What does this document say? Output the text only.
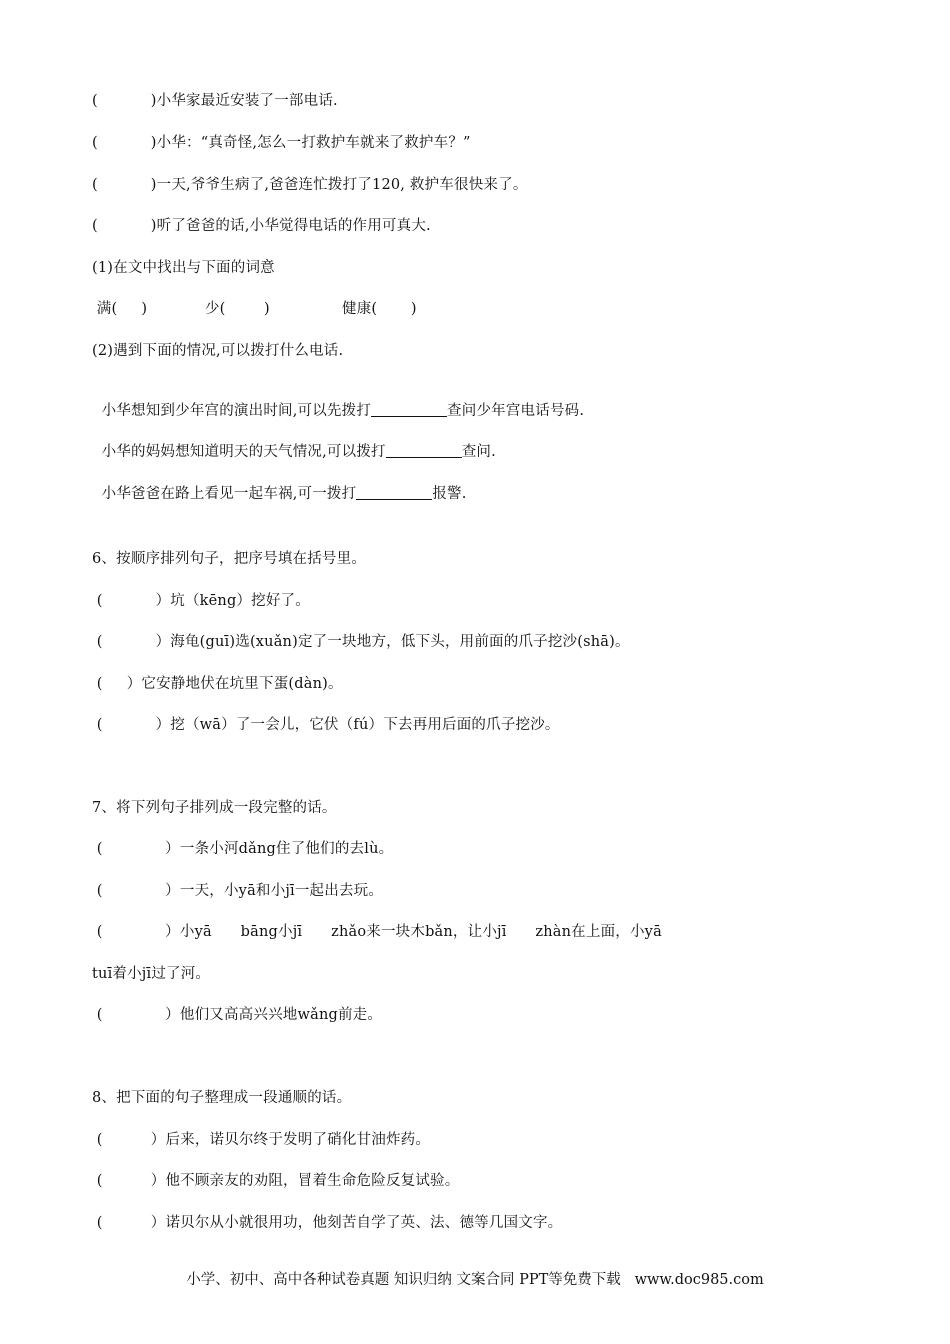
(           )小华家最近安装了一部电话.
(           )小华：“真奇怪,怎么一打救护车就来了救护车？”
(           )一天,爷爷生病了,爸爸连忙拨打了120, 救护车很快来了。
(           )听了爸爸的话,小华觉得电话的作用可真大.
(1)在文中找出与下面的词意
满(     )            少(        )               健康(       )
(2)遇到下面的情况,可以拨打什么电话.

小华想知到少年宫的演出时间,可以先拨打	查问少年宫电话号码.

小华的妈妈想知道明天的天气情况,可以拨打	查问.

小华爸爸在路上看见一起车祸,可一拨打	报警.

6、按顺序排列句子，把序号填在括号里。
(           ）坑（kēng）挖好了。
(           ）海龟(guī)选(xuǎn)定了一块地方，低下头，用前面的爪子挖沙(shā)。
(     ）它安静地伏在坑里下蛋(dàn)。
(           ）挖（wā）了一会儿，它伏（fú）下去再用后面的爪子挖沙。
7、将下列句子排列成一段完整的话。
(             ）一条小河dǎng住了他们的去lù。
(             ）一天，小yā和小jī一起出去玩。
(             ）小yā      bāng小jī      zhǎo来一块木bǎn，让小jī      zhàn在上面，小yā
tuī着小jī过了河。
(             ）他们又高高兴兴地wǎng前走。
8、把下面的句子整理成一段通顺的话。
(          ）后来，诺贝尔终于发明了硝化甘油炸药。
(          ）他不顾亲友的劝阻，冒着生命危险反复试验。
(          ）诺贝尔从小就很用功，他刻苦自学了英、法、德等几国文字。
小学、初中、高中各种试卷真题 知识归纳 文案合同 PPT等免费下载   www.doc985.com
